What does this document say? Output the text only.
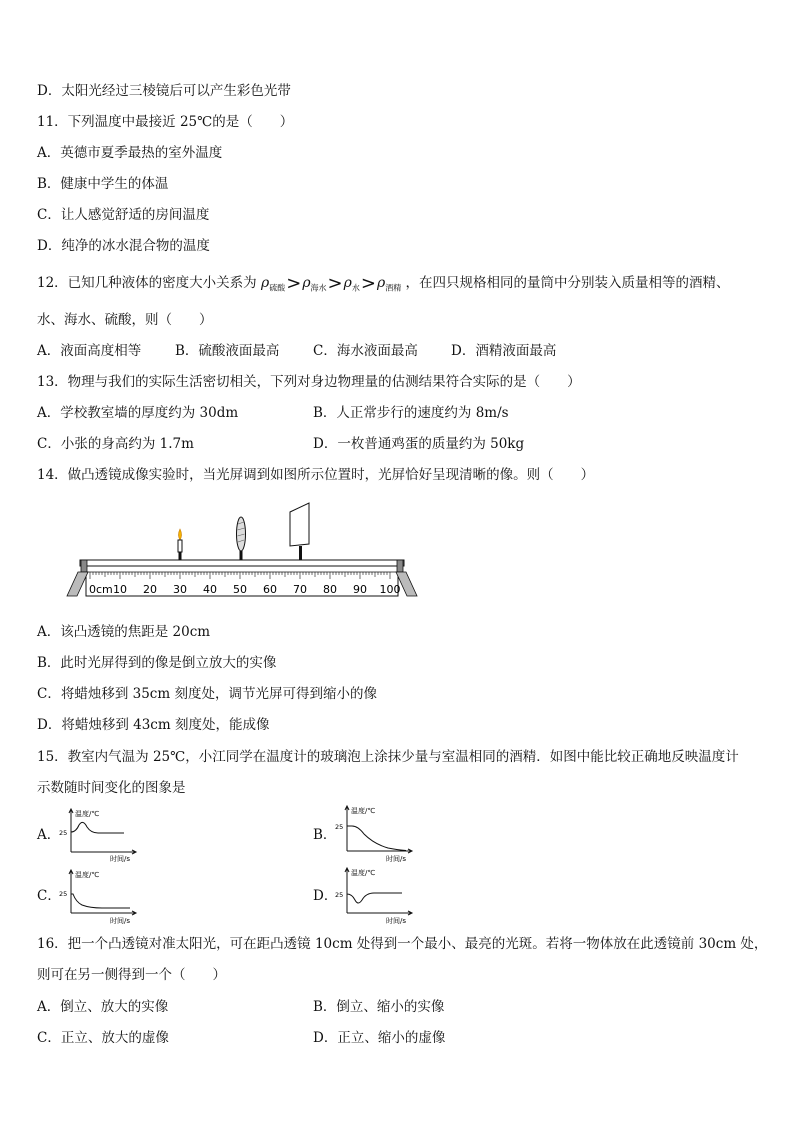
D．太阳光经过三棱镜后可以产生彩色光带
11．下列温度中最接近 25℃的是（　　）
A．英德市夏季最热的室外温度
B．健康中学生的体温
C．让人感觉舒适的房间温度
D．纯净的冰水混合物的温度
12．已知几种液体的密度大小关系为 $\rho_{硫酸}>\rho_{海水}>\rho_水>\rho_{酒精}$ ，在四只规格相同的量筒中分别装入质量相等的酒精、
水、海水、硫酸，则（　　）
A．液面高度相等	B．硫酸液面最高 C．海水液面最高 D．酒精液面最高
13．物理与我们的实际生活密切相关，下列对身边物理量的估测结果符合实际的是（　　）
A．学校教室墙的厚度约为 30dm	B．人正常步行的速度约为 8m/s
C．小张的身高约为 1.7m	D．一枚普通鸡蛋的质量约为 50kg
14．做凸透镜成像实验时，当光屏调到如图所示位置时，光屏恰好呈现清晰的像。则（　　）
0cm 10 20 30 40 50 60 70 80 90 100
A．该凸透镜的焦距是 20cm
B．此时光屏得到的像是倒立放大的实像
C．将蜡烛移到 35cm 刻度处，调节光屏可得到缩小的像
D．将蜡烛移到 43cm 刻度处，能成像
15．教室内气温为 25℃，小江同学在温度计的玻璃泡上涂抹少量与室温相同的酒精．如图中能比较正确地反映温度计
示数随时间变化的图象是
A．	B．
C．	D．
温度/℃
25
时间/s
温度/℃
25
时间/s
温度/℃
25
时间/s
温度/℃
25
时间/s
16．把一个凸透镜对准太阳光，可在距凸透镜 10cm 处得到一个最小、最亮的光斑。若将一物体放在此透镜前 30cm 处，
则可在另一侧得到一个（　　）
A．倒立、放大的实像	B．倒立、缩小的实像
C．正立、放大的虚像	D．正立、缩小的虚像
